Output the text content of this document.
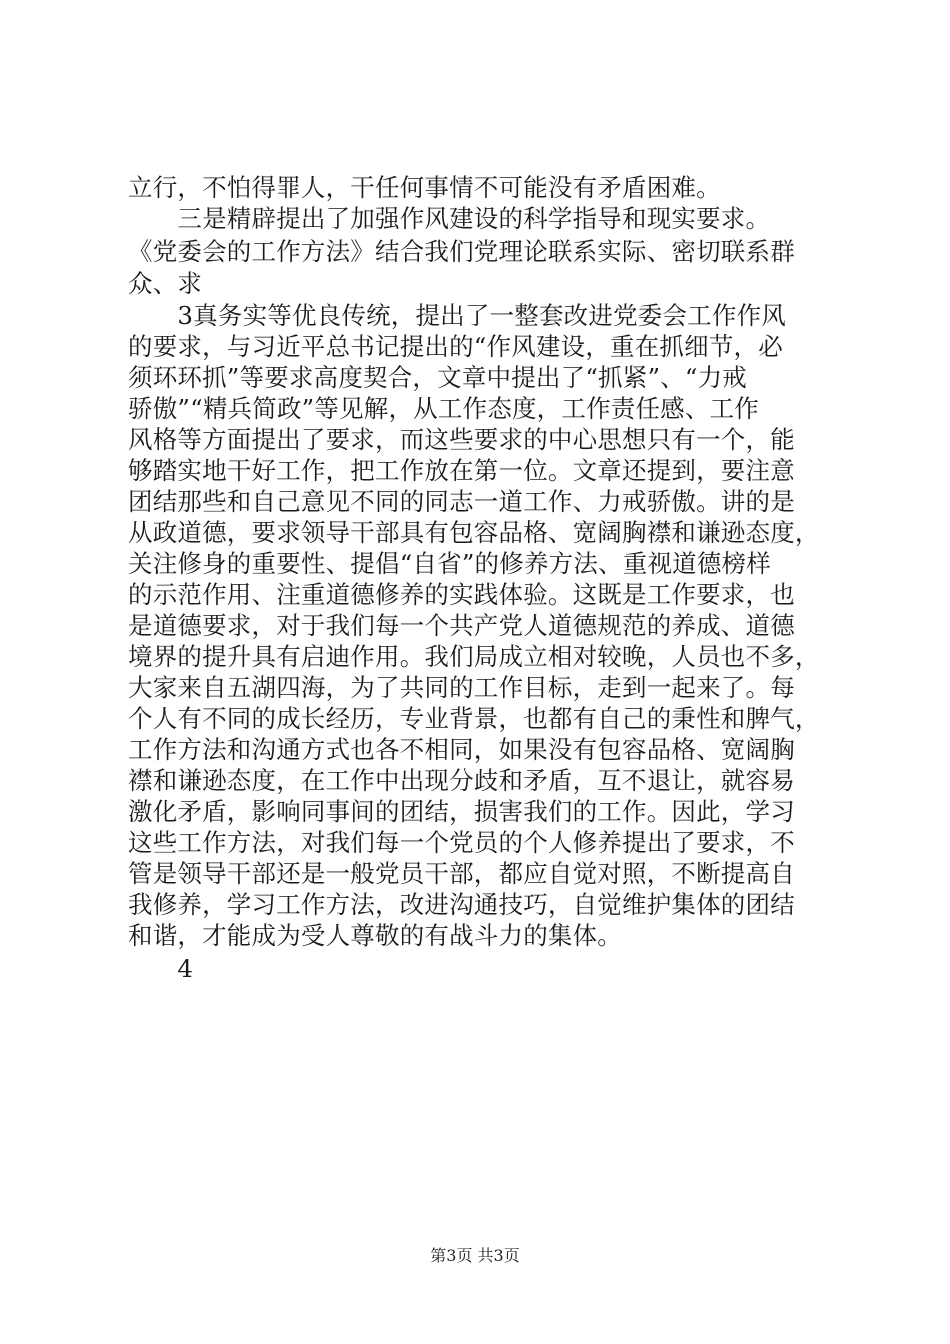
立行，不怕得罪人，干任何事情不可能没有矛盾困难。
　　三是精辟提出了加强作风建设的科学指导和现实要求。
《党委会的工作方法》结合我们党理论联系实际、密切联系群
众、求
　　3真务实等优良传统，提出了一整套改进党委会工作作风
的要求，与习近平总书记提出的“作风建设，重在抓细节，必
须环环抓”等要求高度契合，文章中提出了“抓紧”、“力戒
骄傲”“精兵简政”等见解，从工作态度，工作责任感、工作
风格等方面提出了要求，而这些要求的中心思想只有一个，能
够踏实地干好工作，把工作放在第一位。文章还提到，要注意
团结那些和自己意见不同的同志一道工作、力戒骄傲。讲的是
从政道德，要求领导干部具有包容品格、宽阔胸襟和谦逊态度，
关注修身的重要性、提倡“自省”的修养方法、重视道德榜样
的示范作用、注重道德修养的实践体验。这既是工作要求，也
是道德要求，对于我们每一个共产党人道德规范的养成、道德
境界的提升具有启迪作用。我们局成立相对较晚，人员也不多，
大家来自五湖四海，为了共同的工作目标，走到一起来了。每
个人有不同的成长经历，专业背景，也都有自己的秉性和脾气，
工作方法和沟通方式也各不相同，如果没有包容品格、宽阔胸
襟和谦逊态度，在工作中出现分歧和矛盾，互不退让，就容易
激化矛盾，影响同事间的团结，损害我们的工作。因此，学习
这些工作方法，对我们每一个党员的个人修养提出了要求，不
管是领导干部还是一般党员干部，都应自觉对照，不断提高自
我修养，学习工作方法，改进沟通技巧，自觉维护集体的团结
和谐，才能成为受人尊敬的有战斗力的集体。
　　4
第3页 共3页
